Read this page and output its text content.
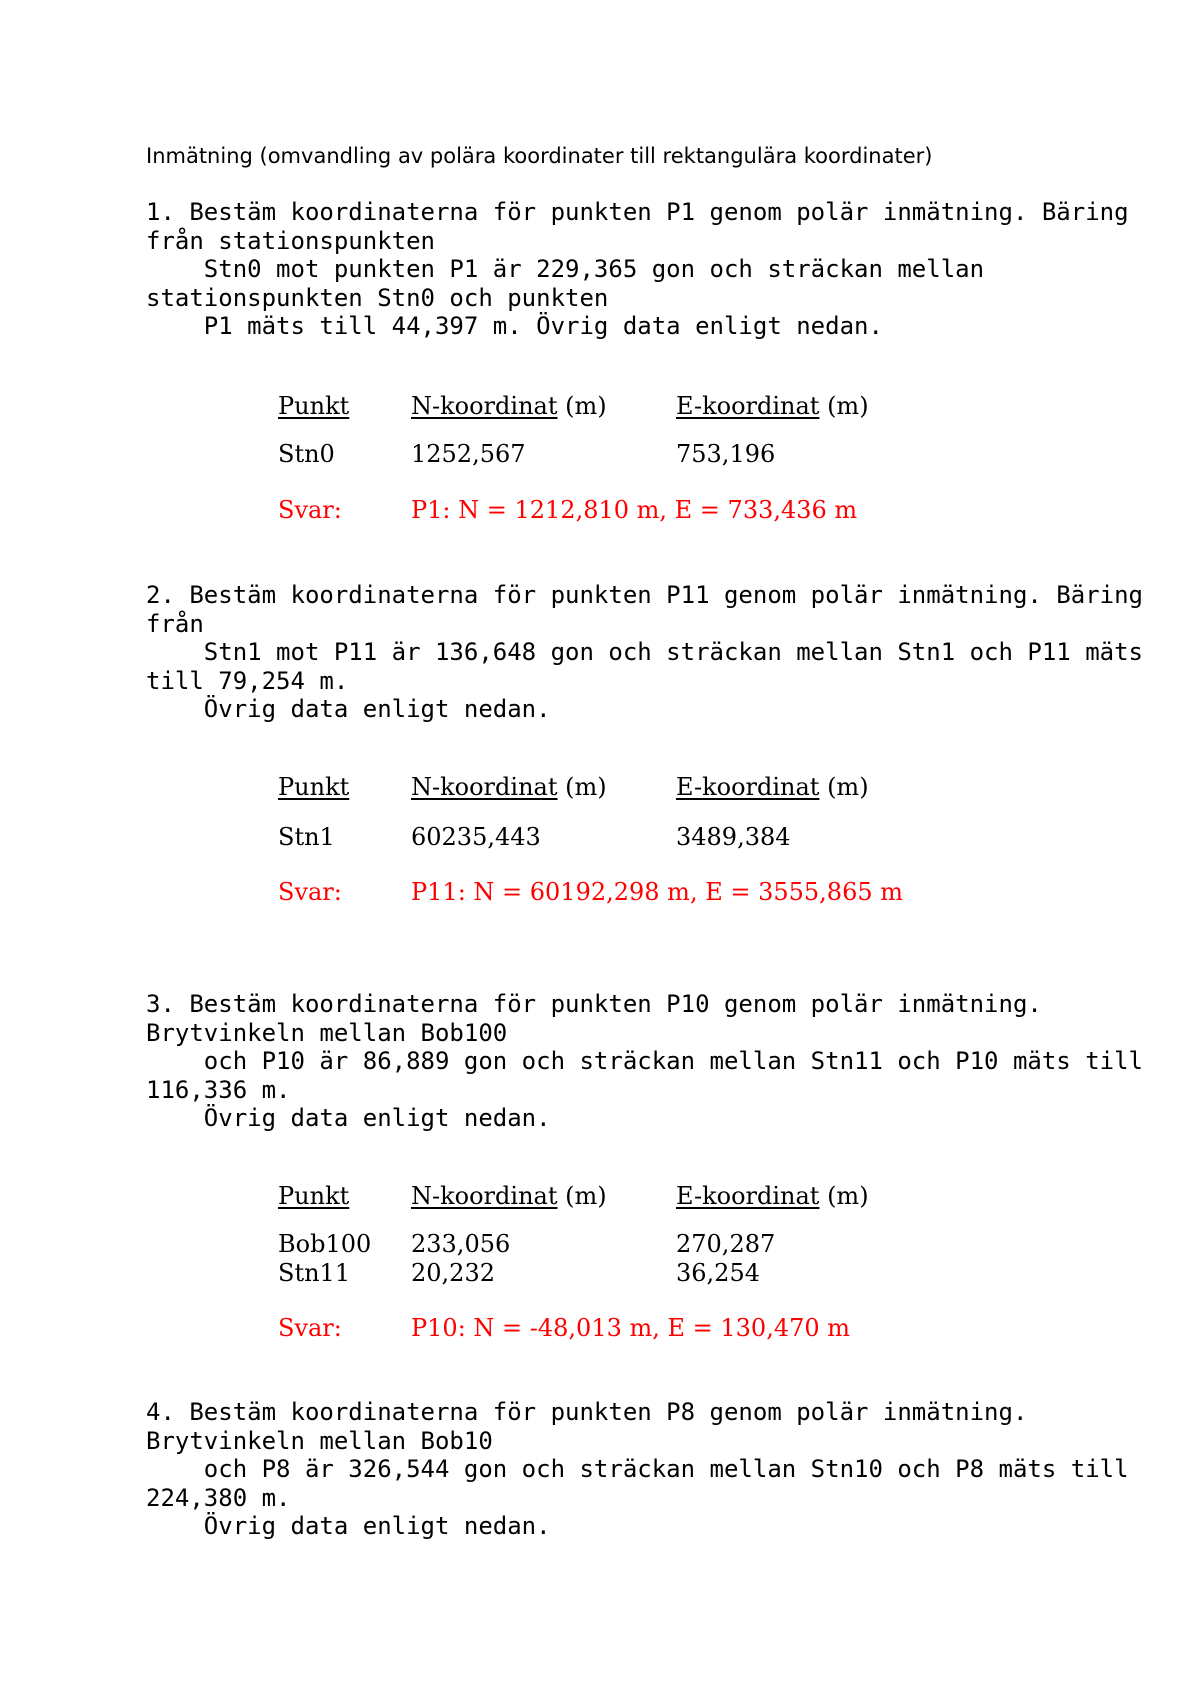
Inmätning (omvandling av polära koordinater till rektangulära koordinater)
1. Bestäm koordinaterna för punkten P1 genom polär inmätning. Bäring
från stationspunkten
Stn0 mot punkten P1 är 229,365 gon och sträckan mellan
stationspunkten Stn0 och punkten
P1 mäts till 44,397 m. Övrig data enligt nedan.
Punkt	N-koordinat (m)	E-koordinat (m)
Stn0	1252,567	753,196
Svar:	P1: N = 1212,810 m, E = 733,436 m
2. Bestäm koordinaterna för punkten P11 genom polär inmätning. Bäring
från
Stn1 mot P11 är 136,648 gon och sträckan mellan Stn1 och P11 mäts
till 79,254 m.
Övrig data enligt nedan.
Punkt	N-koordinat (m)	E-koordinat (m)
Stn1	60235,443	3489,384
Svar:	P11: N = 60192,298 m, E = 3555,865 m
3. Bestäm koordinaterna för punkten P10 genom polär inmätning.
Brytvinkeln mellan Bob100
och P10 är 86,889 gon och sträckan mellan Stn11 och P10 mäts till
116,336 m.
Övrig data enligt nedan.
Punkt	N-koordinat (m)	E-koordinat (m)
Bob100 233,056	270,287
Stn11	20,232	36,254
Svar:	P10: N = -48,013 m, E = 130,470 m
4. Bestäm koordinaterna för punkten P8 genom polär inmätning.
Brytvinkeln mellan Bob10
och P8 är 326,544 gon och sträckan mellan Stn10 och P8 mäts till
224,380 m.
Övrig data enligt nedan.
